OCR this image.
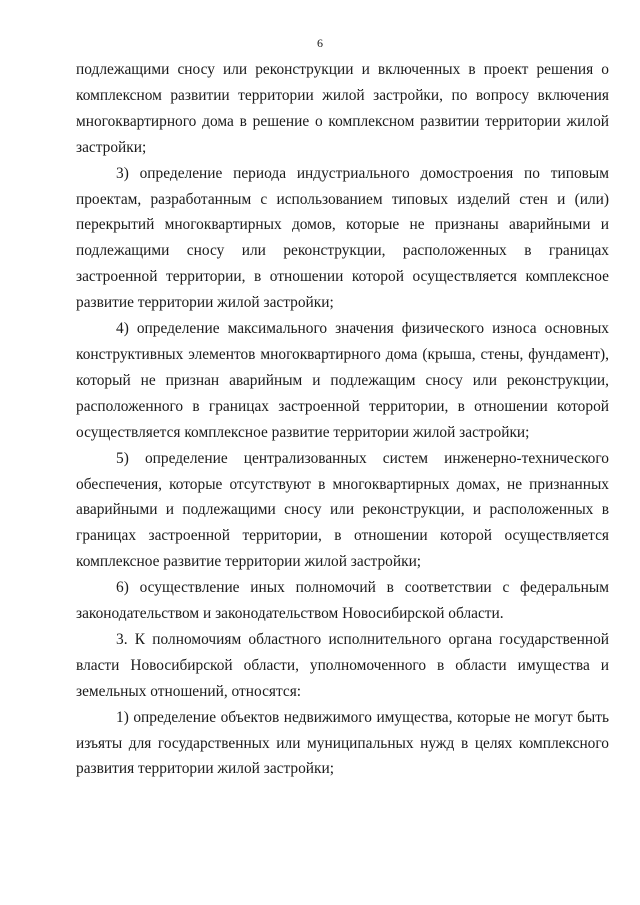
6

подлежащими сносу или реконструкции и включенных в проект решения о комплексном развитии территории жилой застройки, по вопросу включения многоквартирного дома в решение о комплексном развитии территории жилой застройки;

3) определение периода индустриального домостроения по типовым проектам, разработанным с использованием типовых изделий стен и (или) перекрытий многоквартирных домов, которые не признаны аварийными и подлежащими сносу или реконструкции, расположенных в границах застроенной территории, в отношении которой осуществляется комплексное развитие территории жилой застройки;

4) определение максимального значения физического износа основных конструктивных элементов многоквартирного дома (крыша, стены, фундамент), который не признан аварийным и подлежащим сносу или реконструкции, расположенного в границах застроенной территории, в отношении которой осуществляется комплексное развитие территории жилой застройки;

5) определение централизованных систем инженерно-технического обеспечения, которые отсутствуют в многоквартирных домах, не признанных аварийными и подлежащими сносу или реконструкции, и расположенных в границах застроенной территории, в отношении которой осуществляется комплексное развитие территории жилой застройки;

6) осуществление иных полномочий в соответствии с федеральным законодательством и законодательством Новосибирской области.

3. К полномочиям областного исполнительного органа государственной власти Новосибирской области, уполномоченного в области имущества и земельных отношений, относятся:

1) определение объектов недвижимого имущества, которые не могут быть изъяты для государственных или муниципальных нужд в целях комплексного развития территории жилой застройки;
